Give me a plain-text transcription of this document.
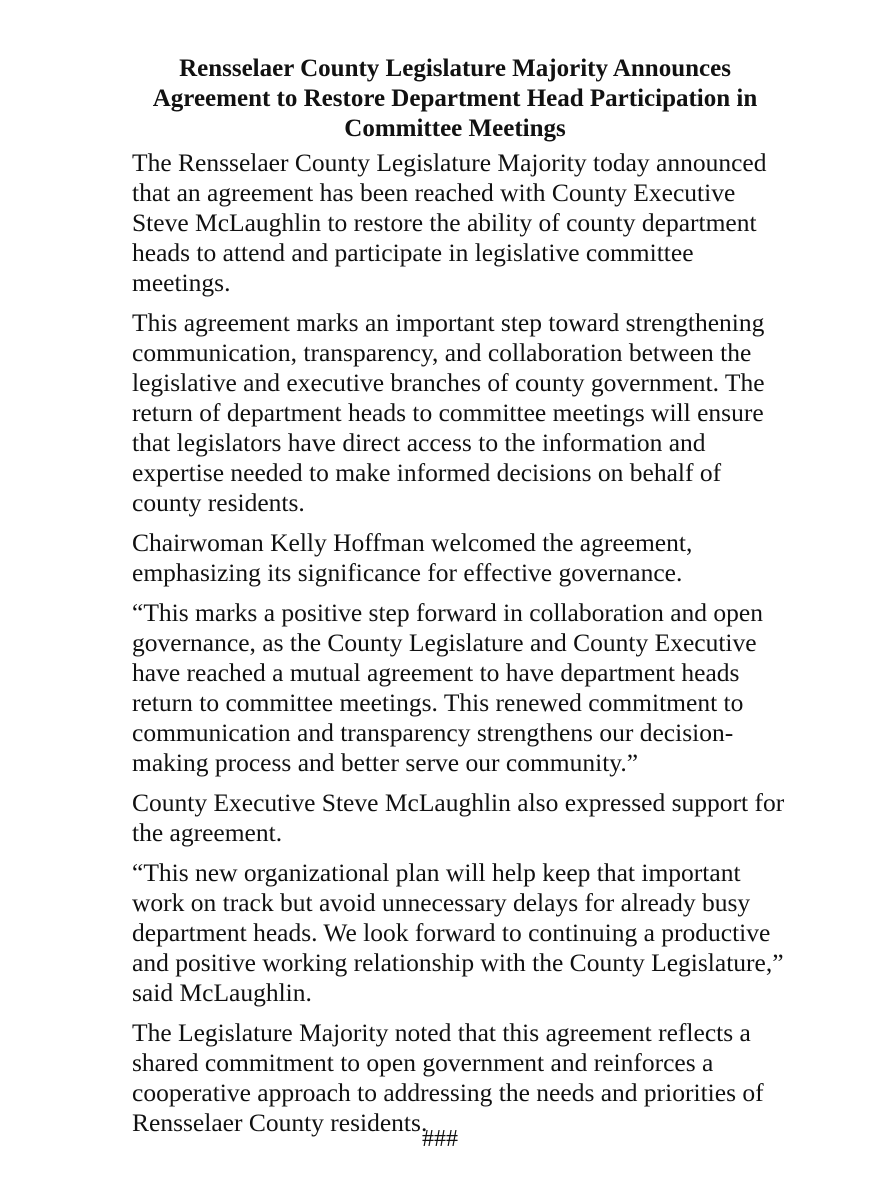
Rensselaer County Legislature Majority Announces
Agreement to Restore Department Head Participation in
Committee Meetings

The Rensselaer County Legislature Majority today announced
that an agreement has been reached with County Executive
Steve McLaughlin to restore the ability of county department
heads to attend and participate in legislative committee
meetings.

This agreement marks an important step toward strengthening
communication, transparency, and collaboration between the
legislative and executive branches of county government. The
return of department heads to committee meetings will ensure
that legislators have direct access to the information and
expertise needed to make informed decisions on behalf of
county residents.

Chairwoman Kelly Hoffman welcomed the agreement,
emphasizing its significance for effective governance.

“This marks a positive step forward in collaboration and open
governance, as the County Legislature and County Executive
have reached a mutual agreement to have department heads
return to committee meetings. This renewed commitment to
communication and transparency strengthens our decision-
making process and better serve our community.”

County Executive Steve McLaughlin also expressed support for
the agreement.

“This new organizational plan will help keep that important
work on track but avoid unnecessary delays for already busy
department heads. We look forward to continuing a productive
and positive working relationship with the County Legislature,”
said McLaughlin.

The Legislature Majority noted that this agreement reflects a
shared commitment to open government and reinforces a
cooperative approach to addressing the needs and priorities of
Rensselaer County residents.

###
